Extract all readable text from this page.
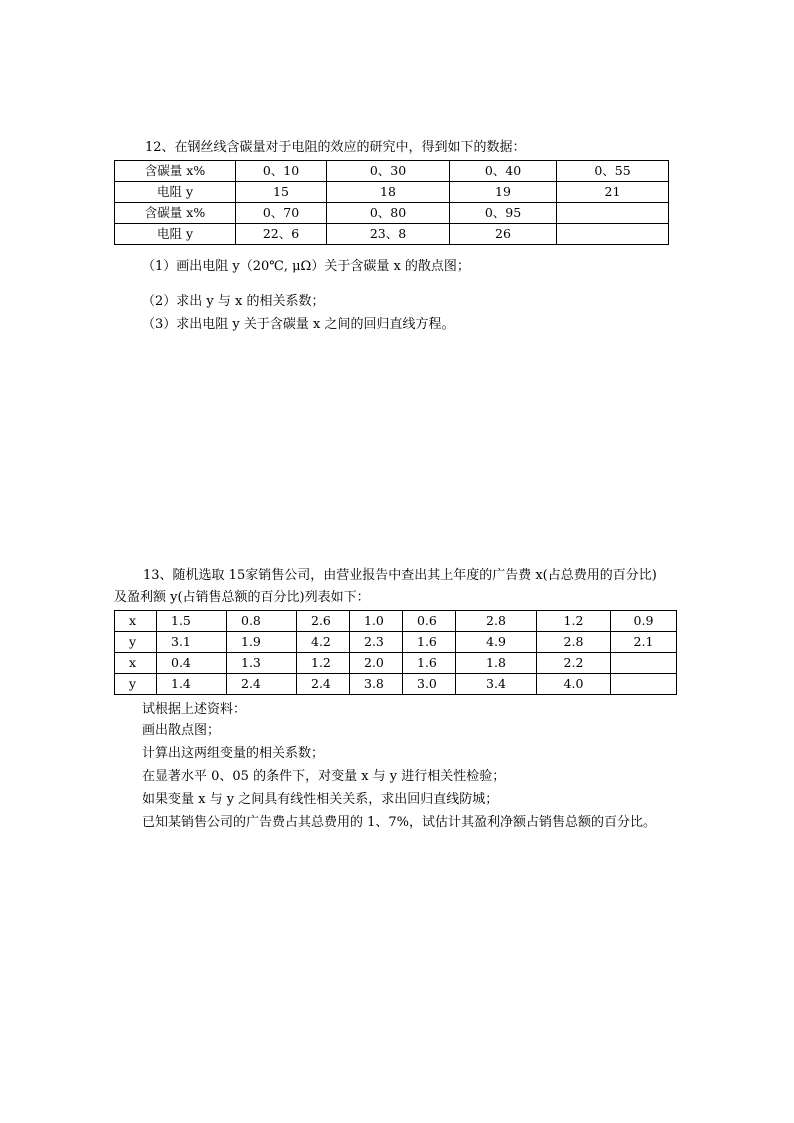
12、在钢丝线含碳量对于电阻的效应的研究中，得到如下的数据：
含碳量 x%	0、10	0、30	0、40	0、55
电阻 y	15	18	19	21
含碳量 x%	0、70	0、80	0、95	
电阻 y	22、6	23、8	26	
（1）画出电阻 y（20℃, μΩ）关于含碳量 x 的散点图；
（2）求出 y 与 x 的相关系数；
（3）求出电阻 y 关于含碳量 x 之间的回归直线方程。
13、随机选取 15家销售公司，由营业报告中查出其上年度的广告费 x(占总费用的百分比)
及盈利额 y(占销售总额的百分比)列表如下：
x	1.5	0.8	2.6	1.0	0.6	2.8	1.2	0.9
y	3.1	1.9	4.2	2.3	1.6	4.9	2.8	2.1
x	0.4	1.3	1.2	2.0	1.6	1.8	2.2	
y	1.4	2.4	2.4	3.8	3.0	3.4	4.0	
试根据上述资料：
画出散点图；
计算出这两组变量的相关系数；
在显著水平 0、05 的条件下，对变量 x 与 y 进行相关性检验；
如果变量 x 与 y 之间具有线性相关关系，求出回归直线防城；
已知某销售公司的广告费占其总费用的 1、7%，试估计其盈利净额占销售总额的百分比。
